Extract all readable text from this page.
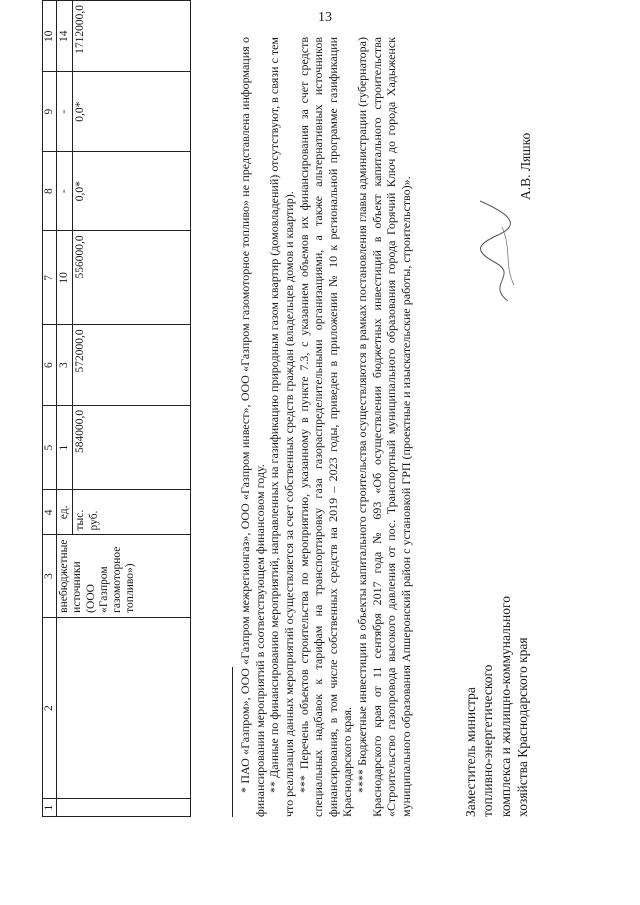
13
1	2	3	4	5	6	7	8	9	10
		внебюджетные источники (ООО «Газпром газомоторное топливо»)	ед.	1	3	10	-	-	14
			тыс. руб.	584000,0	572000,0	556000,0	0,0*	0,0*	1712000,0

* ПАО «Газпром», ООО «Газпром межрегионгаз», ООО «Газпром инвест», ООО «Газпром газомоторное топливо» не представлена информация о финансировании мероприятий в соответствующем финансовом году. ** Данные по финансированию мероприятий, направленных на газификацию природным газом квартир (домовладений) отсутствуют, в связи с тем что реализация данных мероприятий осуществляется за счет собственных средств граждан (владельцев домов и квартир). *** Перечень объектов строительства по мероприятию, указанному в пункте 7.3, с указанием объемов их финансирования за счет средств специальных надбавок к тарифам на транспортировку газа газораспределительными организациями, а также альтернативных источников финансирования, в том числе собственных средств на 2019 – 2023 годы, приведен в приложении № 10 к региональной программе газификации Краснодарского края. **** Бюджетные инвестиции в объекты капитального строительства осуществляются в рамках постановления главы администрации (губернатора) Краснодарского края от 11 сентября 2017 года № 693 «Об осуществлении бюджетных инвестиций в объект капитального строительства «Строительство газопровода высокого давления от пос. Транспортный муниципального образования города Горячий Ключ до города Хадыженск муниципального образования Апшеронский район с установкой ГРП (проектные и изыскательские работы, строительство)».	Заместитель министра топливно-энергетического комплекса и жилищно-коммунального хозяйства Краснодарского края
А.В. Ляшко
